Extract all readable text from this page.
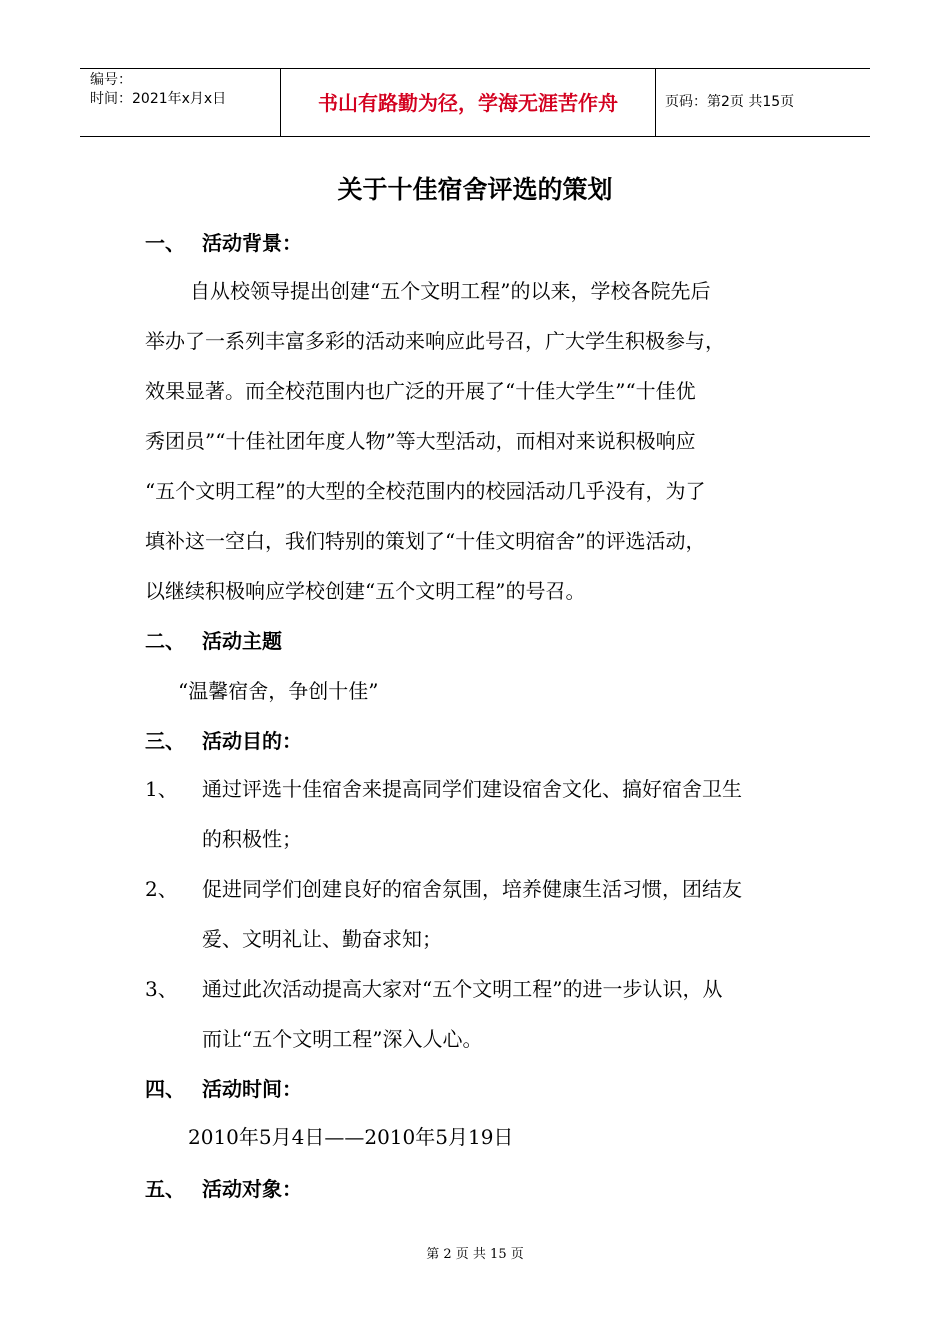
编号：
时间：2021年x月x日	书山有路勤为径，学海无涯苦作舟	页码：第2页 共15页
关于十佳宿舍评选的策划
一、 活动背景：
自从校领导提出创建“五个文明工程”的以来，学校各院先后
举办了一系列丰富多彩的活动来响应此号召，广大学生积极参与，
效果显著。而全校范围内也广泛的开展了“十佳大学生”“十佳优
秀团员”“十佳社团年度人物”等大型活动，而相对来说积极响应
“五个文明工程”的大型的全校范围内的校园活动几乎没有，为了
填补这一空白，我们特别的策划了“十佳文明宿舍”的评选活动，
以继续积极响应学校创建“五个文明工程”的号召。
二、 活动主题
“温馨宿舍，争创十佳”
三、 活动目的：
1、 通过评选十佳宿舍来提高同学们建设宿舍文化、搞好宿舍卫生
的积极性；
2、 促进同学们创建良好的宿舍氛围，培养健康生活习惯，团结友
爱、文明礼让、勤奋求知；
3、 通过此次活动提高大家对“五个文明工程”的进一步认识，从
而让“五个文明工程”深入人心。
四、 活动时间：
2010年5月4日——2010年5月19日
五、 活动对象：
第 2 页 共 15 页
